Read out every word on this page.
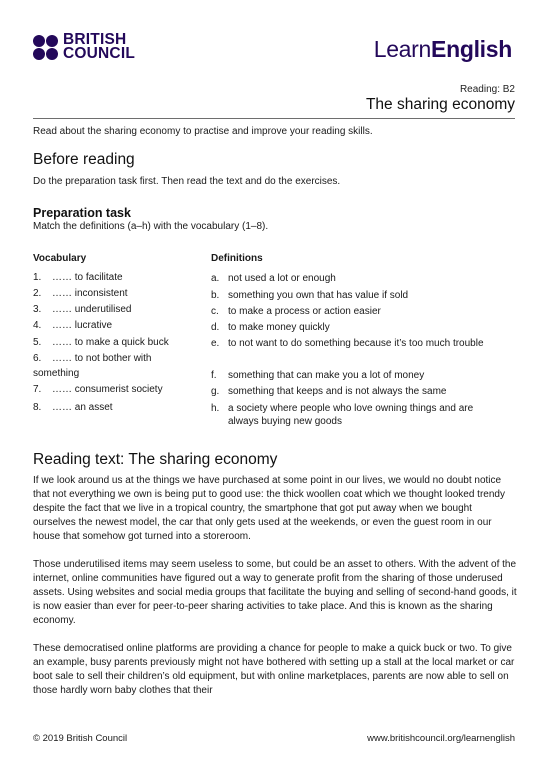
BRITISH
COUNCIL	LearnEnglish
Reading: B2
The sharing economy

Read about the sharing economy to practise and improve your reading skills.

Before reading

Do the preparation task first. Then read the text and do the exercises.

Preparation task

Match the definitions (a–h) with the vocabulary (1–8).

Vocabulary	Definitions
1. …… to facilitate
2. …… inconsistent
3. …… underutilised
4. …… lucrative
5. …… to make a quick buck
6. …… to not bother with
something
7. …… consumerist society
8. …… an asset
a. not used a lot or enough
b. something you own that has value if sold
c. to make a process or action easier
d. to make money quickly
e. to not want to do something because it’s too much trouble
f.	something that can make you a lot of money
g. something that keeps and is not always the same
h. a society where people who love owning things and are always buying new goods
Reading text: The sharing economy

If we look around us at the things we have purchased at some point in our lives, we would no doubt notice that not everything we own is being put to good use: the thick woollen coat which we thought looked trendy despite the fact that we live in a tropical country, the smartphone that got put away when we bought ourselves the newest model, the car that only gets used at the weekends, or even the guest room in our house that somehow got turned into a storeroom.

Those underutilised items may seem useless to some, but could be an asset to others. With the advent of the internet, online communities have figured out a way to generate profit from the sharing of those underused assets. Using websites and social media groups that facilitate the buying and selling of second-hand goods, it is now easier than ever for peer-to-peer sharing activities to take place. And this is known as the sharing economy.

These democratised online platforms are providing a chance for people to make a quick buck or two. To give an example, busy parents previously might not have bothered with setting up a stall at the local market or car boot sale to sell their children’s old equipment, but with online marketplaces, parents are now able to sell on those hardly worn baby clothes that their

© 2019 British Council	www.britishcouncil.org/learnenglish
